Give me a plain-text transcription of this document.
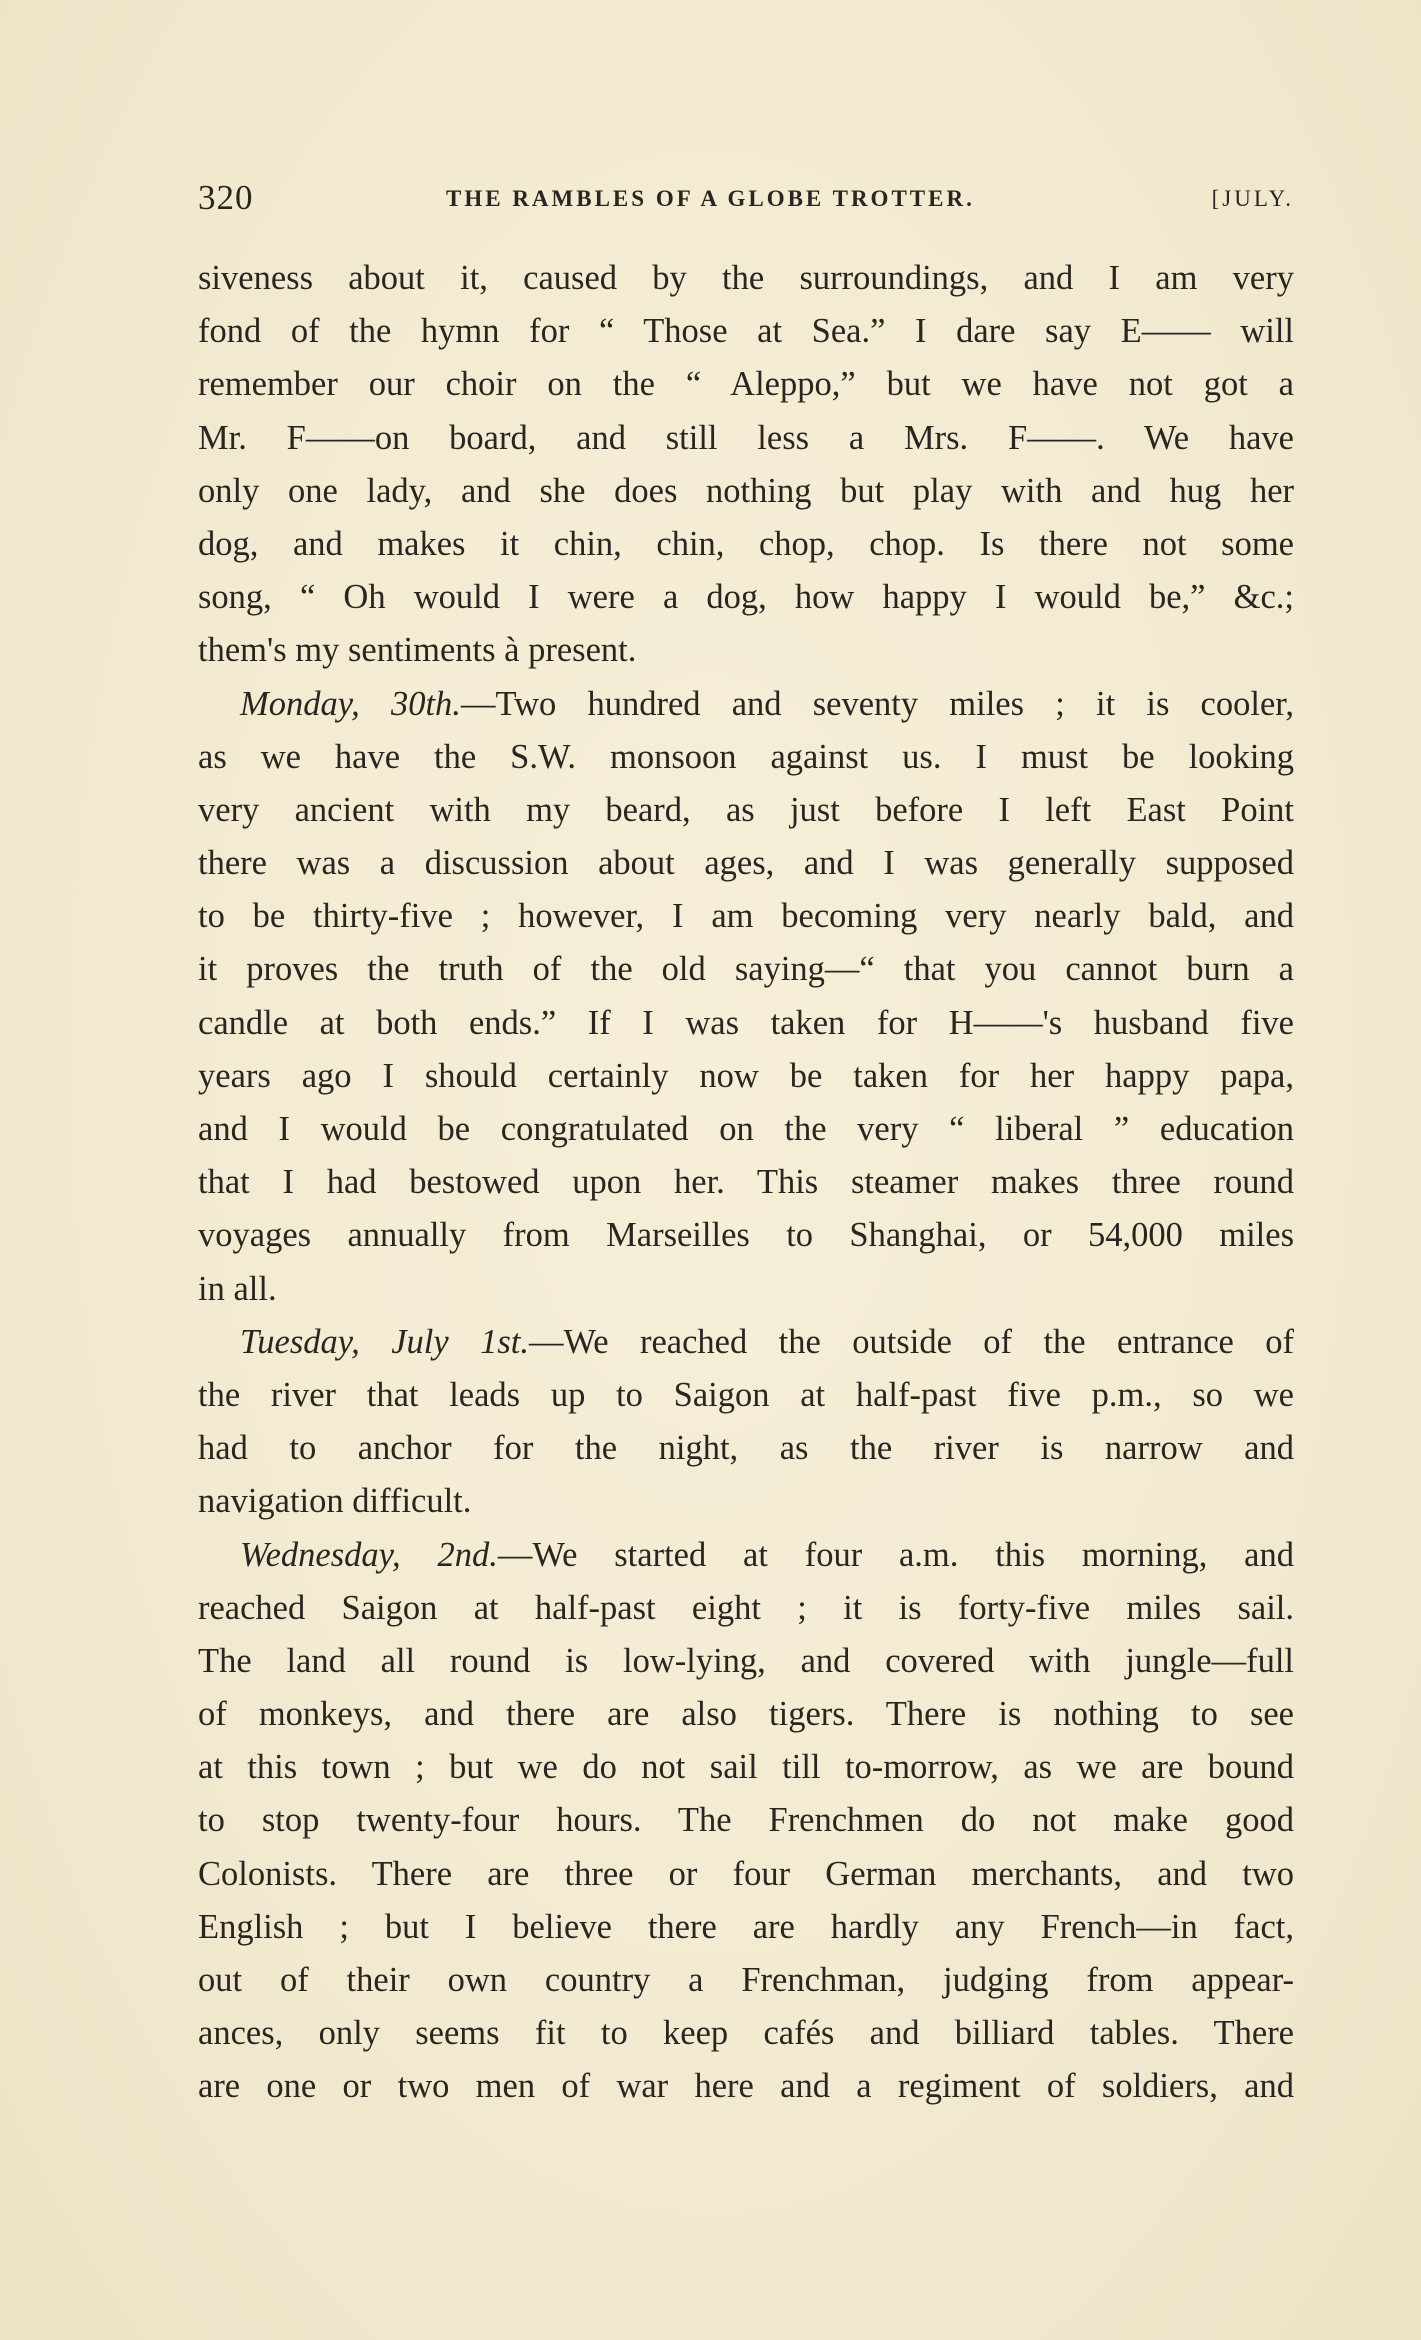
320	THE RAMBLES OF A GLOBE TROTTER.	[JULY.
siveness about it, caused by the surroundings, and I am very
fond of the hymn for “ Those at Sea.” I dare say E—— will
remember our choir on the “ Aleppo,” but we have not got a
Mr. F——on board, and still less a Mrs. F——. We have
only one lady, and she does nothing but play with and hug her
dog, and makes it chin, chin, chop, chop. Is there not some
song, “ Oh would I were a dog, how happy I would be,” &c.;
them's my sentiments à present.
Monday, 30th.—Two hundred and seventy miles ; it is cooler,
as we have the S.W. monsoon against us. I must be looking
very ancient with my beard, as just before I left East Point
there was a discussion about ages, and I was generally supposed
to be thirty-five ; however, I am becoming very nearly bald, and
it proves the truth of the old saying—“ that you cannot burn a
candle at both ends.” If I was taken for H——'s husband five
years ago I should certainly now be taken for her happy papa,
and I would be congratulated on the very “ liberal ” education
that I had bestowed upon her. This steamer makes three round
voyages annually from Marseilles to Shanghai, or 54,000 miles
in all.
Tuesday, July 1st.—We reached the outside of the entrance of
the river that leads up to Saigon at half-past five p.m., so we
had to anchor for the night, as the river is narrow and
navigation difficult.
Wednesday, 2nd.—We started at four a.m. this morning, and
reached Saigon at half-past eight ; it is forty-five miles sail.
The land all round is low-lying, and covered with jungle—full
of monkeys, and there are also tigers. There is nothing to see
at this town ; but we do not sail till to-morrow, as we are bound
to stop twenty-four hours. The Frenchmen do not make good
Colonists. There are three or four German merchants, and two
English ; but I believe there are hardly any French—in fact,
out of their own country a Frenchman, judging from appear-
ances, only seems fit to keep cafés and billiard tables. There
are one or two men of war here and a regiment of soldiers, and
